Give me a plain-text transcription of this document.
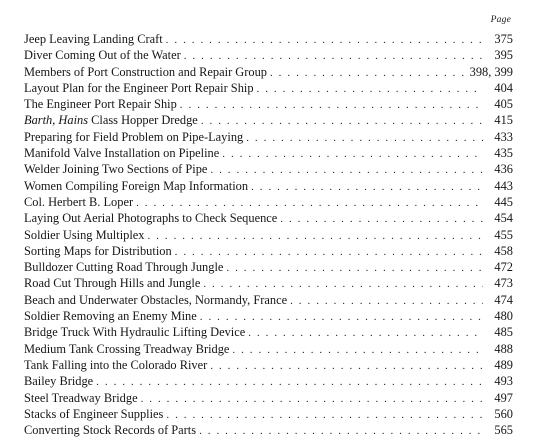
Page
Jeep Leaving Landing Craft . . .	375
Diver Coming Out of the Water . . .	395
Members of Port Construction and Repair Group . . .	398, 399
Layout Plan for the Engineer Port Repair Ship . . .	404
The Engineer Port Repair Ship . . .	405
Barth, Hains Class Hopper Dredge . . .	415
Preparing for Field Problem on Pipe-Laying . . .	433
Manifold Valve Installation on Pipeline . . .	435
Welder Joining Two Sections of Pipe . . .	436
Women Compiling Foreign Map Information . . .	443
Col. Herbert B. Loper . . .	445
Laying Out Aerial Photographs to Check Sequence . . .	454
Soldier Using Multiplex . . .	455
Sorting Maps for Distribution . . .	458
Bulldozer Cutting Road Through Jungle . . .	472
Road Cut Through Hills and Jungle . . .	473
Beach and Underwater Obstacles, Normandy, France . . .	474
Soldier Removing an Enemy Mine . . .	480
Bridge Truck With Hydraulic Lifting Device . . .	485
Medium Tank Crossing Treadway Bridge . . .	488
Tank Falling into the Colorado River . . .	489
Bailey Bridge . . .	493
Steel Treadway Bridge . . .	497
Stacks of Engineer Supplies . . .	560
Converting Stock Records of Parts . . .	565
